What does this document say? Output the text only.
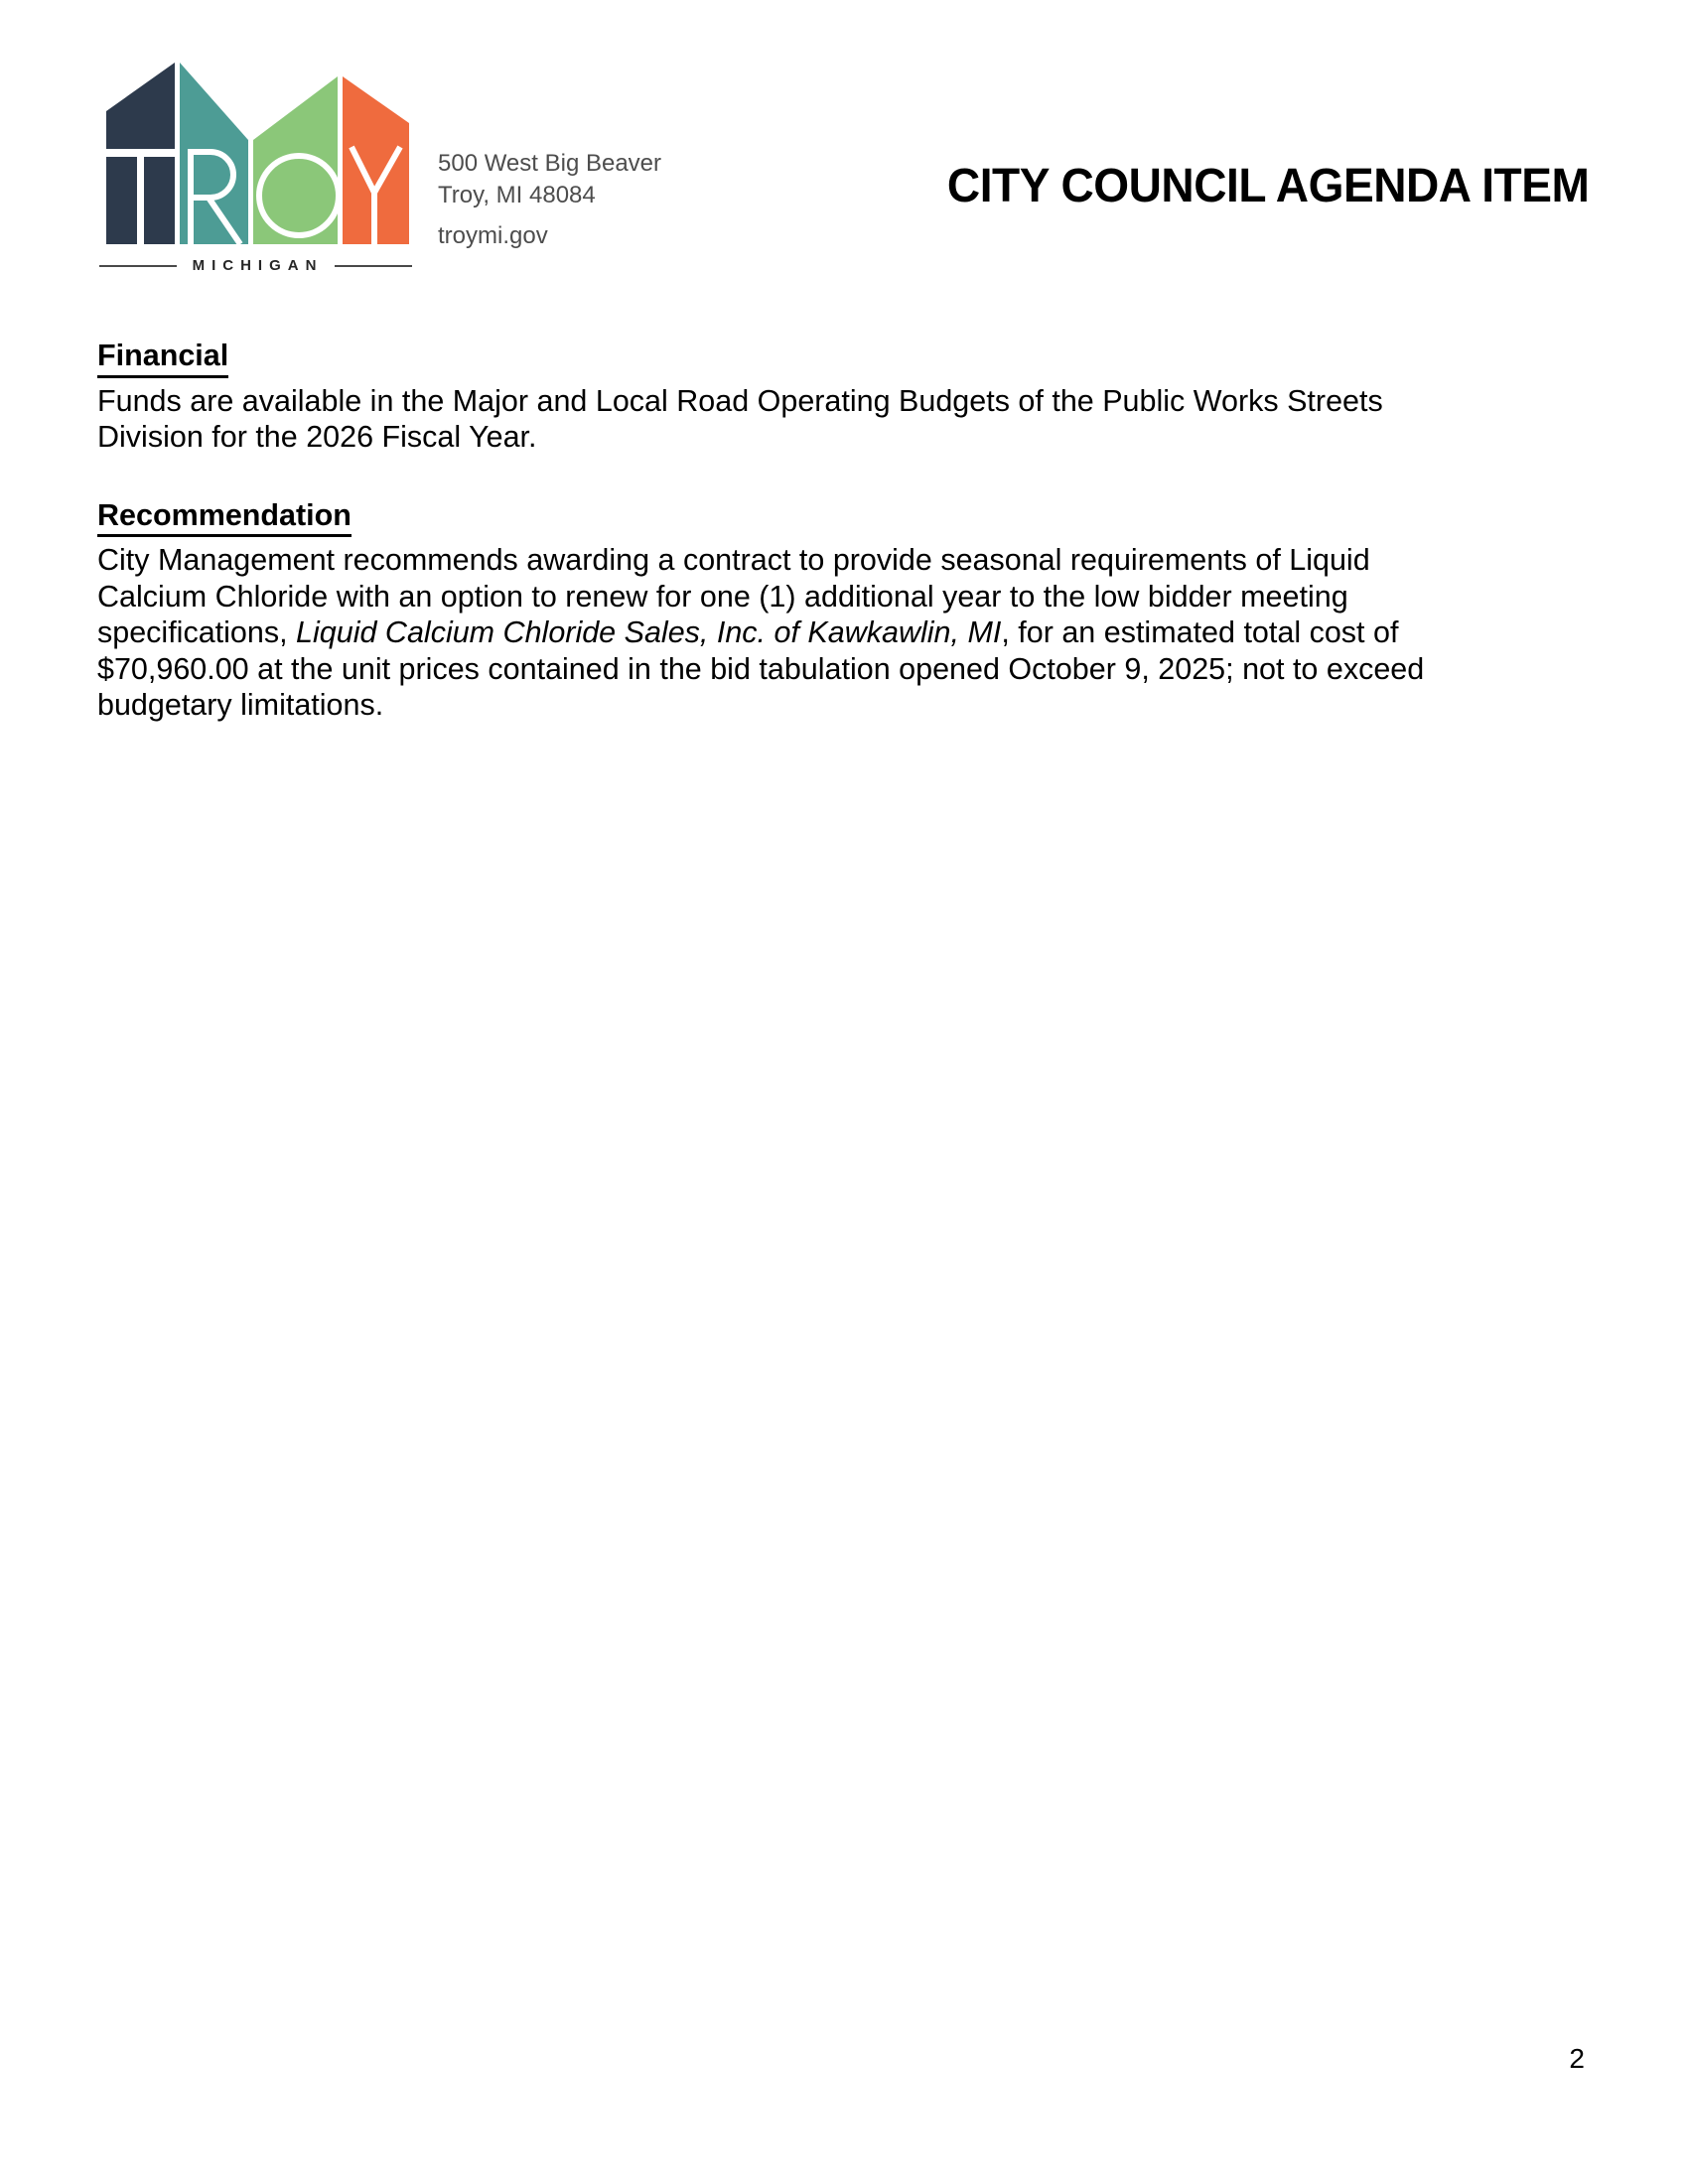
MICHIGAN
500 West Big Beaver
Troy, MI 48084
troymi.gov
CITY COUNCIL AGENDA ITEM
Financial
Funds are available in the Major and Local Road Operating Budgets of the Public Works Streets
Division for the 2026 Fiscal Year.
Recommendation
City Management recommends awarding a contract to provide seasonal requirements of Liquid
Calcium Chloride with an option to renew for one (1) additional year to the low bidder meeting
specifications, Liquid Calcium Chloride Sales, Inc. of Kawkawlin, MI, for an estimated total cost of
$70,960.00 at the unit prices contained in the bid tabulation opened October 9, 2025; not to exceed
budgetary limitations.
2
